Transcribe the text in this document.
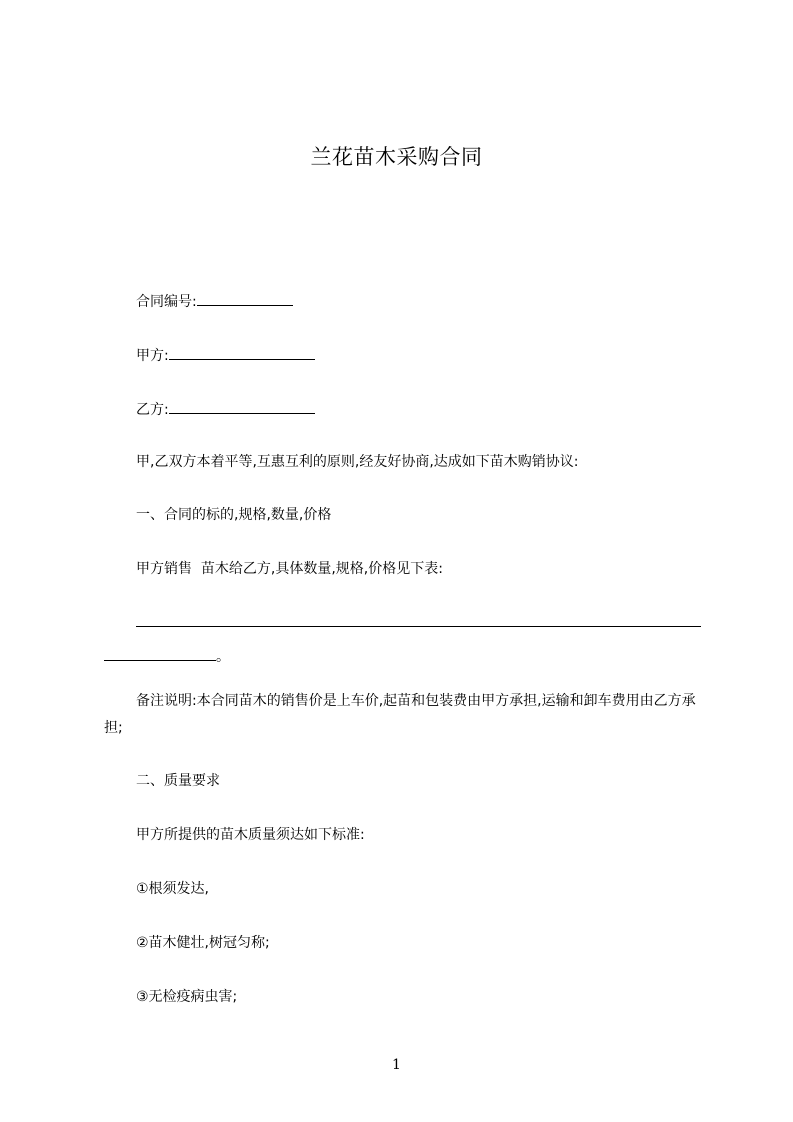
兰花苗木采购合同
合同编号:
甲方:
乙方:
甲,乙双方本着平等,互惠互利的原则,经友好协商,达成如下苗木购销协议:
一、合同的标的,规格,数量,价格
甲方销售  苗木给乙方,具体数量,规格,价格见下表:
。
备注说明:本合同苗木的销售价是上车价,起苗和包装费由甲方承担,运输和卸车费用由乙方承担;
二、质量要求
甲方所提供的苗木质量须达如下标准:
①根须发达,
②苗木健壮,树冠匀称;
③无检疫病虫害;
1
